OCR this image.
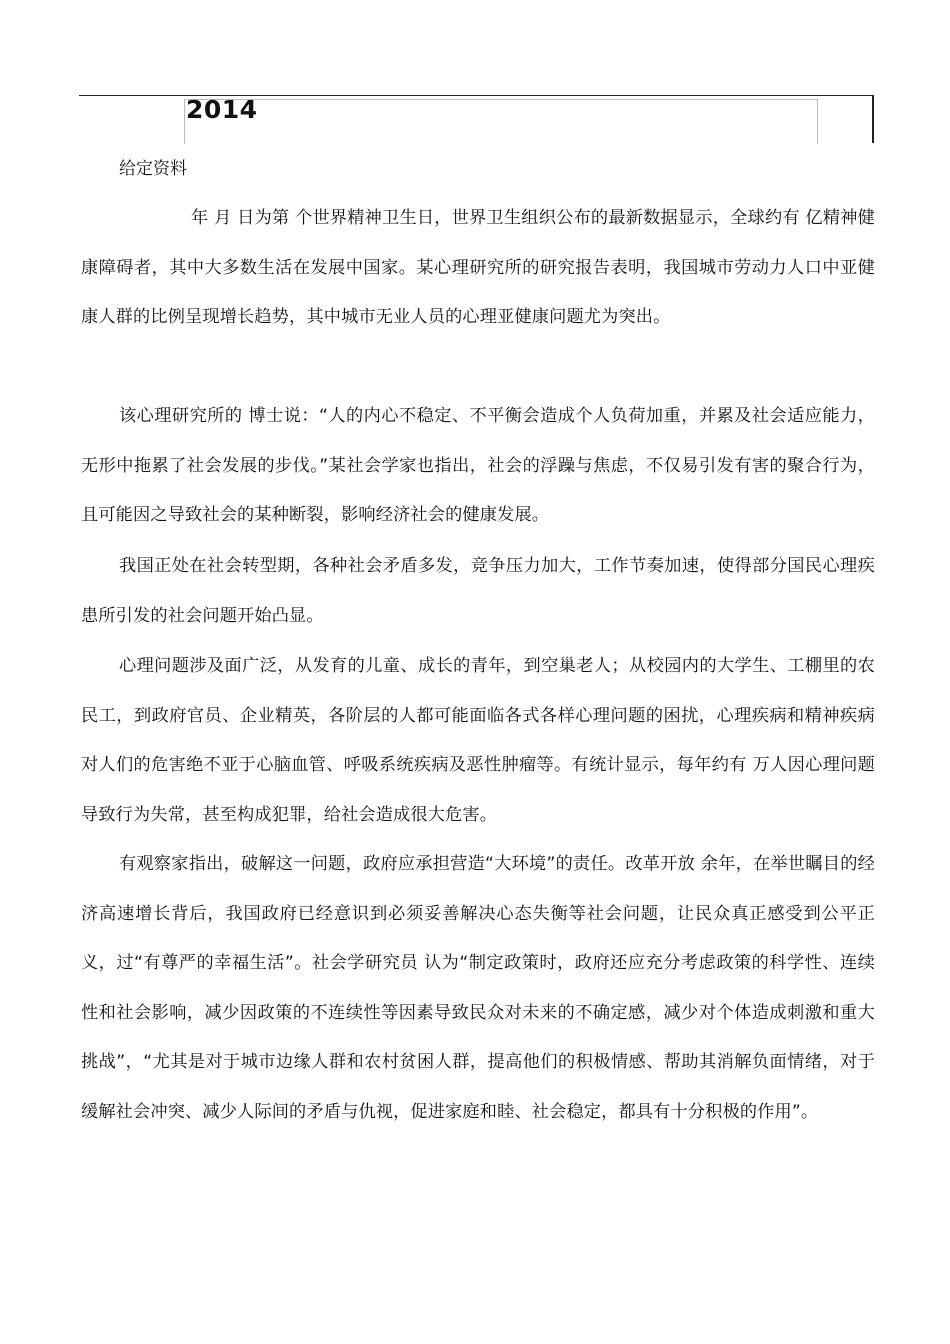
2014
给定资料

年 月 日为第 个世界精神卫生日，世界卫生组织公布的最新数据显示，全球约有 亿精神健康障碍者，其中大多数生活在发展中国家。某心理研究所的研究报告表明，我国城市劳动力人口中亚健康人群的比例呈现增长趋势，其中城市无业人员的心理亚健康问题尤为突出。

该心理研究所的 博士说：“人的内心不稳定、不平衡会造成个人负荷加重，并累及社会适应能力，无形中拖累了社会发展的步伐。”某社会学家也指出，社会的浮躁与焦虑，不仅易引发有害的聚合行为，且可能因之导致社会的某种断裂，影响经济社会的健康发展。

我国正处在社会转型期，各种社会矛盾多发，竞争压力加大，工作节奏加速，使得部分国民心理疾患所引发的社会问题开始凸显。

心理问题涉及面广泛，从发育的儿童、成长的青年，到空巢老人；从校园内的大学生、工棚里的农民工，到政府官员、企业精英，各阶层的人都可能面临各式各样心理问题的困扰，心理疾病和精神疾病对人们的危害绝不亚于心脑血管、呼吸系统疾病及恶性肿瘤等。有统计显示，每年约有 万人因心理问题导致行为失常，甚至构成犯罪，给社会造成很大危害。

有观察家指出，破解这一问题，政府应承担营造“大环境”的责任。改革开放 余年，在举世瞩目的经济高速增长背后，我国政府已经意识到必须妥善解决心态失衡等社会问题，让民众真正感受到公平正义，过“有尊严的幸福生活”。社会学研究员 认为“制定政策时，政府还应充分考虑政策的科学性、连续性和社会影响，减少因政策的不连续性等因素导致民众对未来的不确定感，减少对个体造成刺激和重大挑战”，“尤其是对于城市边缘人群和农村贫困人群，提高他们的积极情感、帮助其消解负面情绪，对于缓解社会冲突、减少人际间的矛盾与仇视，促进家庭和睦、社会稳定，都具有十分积极的作用”。
